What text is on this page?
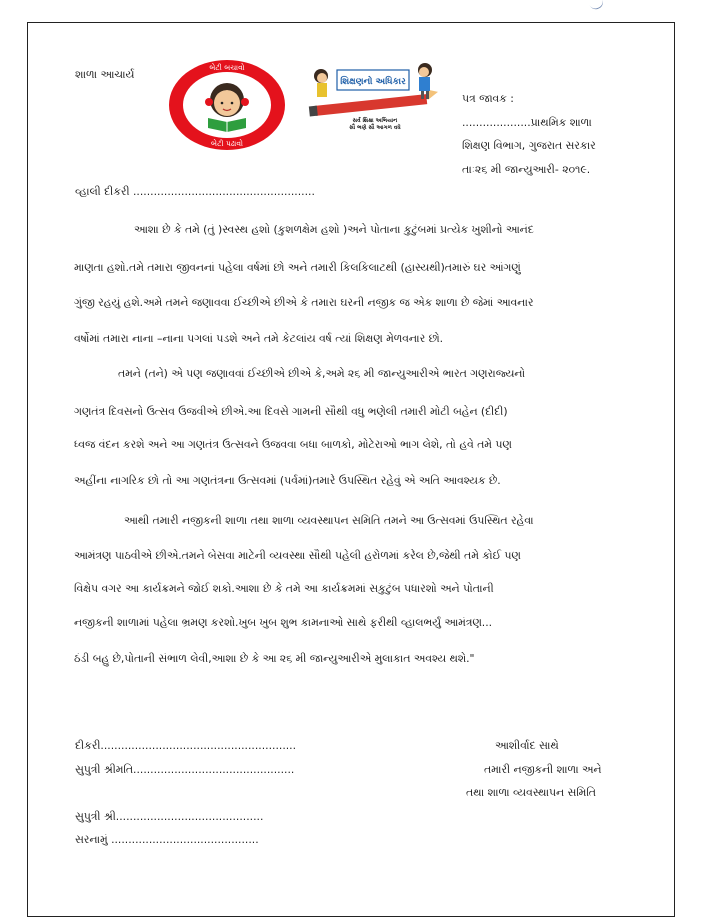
શાળા આચાર્ય
બેટી બચાવો
બેટી પઢાવો
શિક્ષણનો અધિકાર
સર્વ શિક્ષા અભિયાન
સૌ ભણે સૌ આગળ વધે
પત્ર જાવક :
....................પ્રાથમિક શાળા
શિક્ષણ વિભાગ, ગુજરાત સરકાર
તાઃ૨૬ મી જાન્યુઆરી- ૨૦૧૯.
વ્હાલી દીકરી .....................................................
આશા છે કે તમે (તું )સ્વસ્થ હશો (કુશળક્ષેમ હશો )અને પોતાના કુટુંબમાં પ્રત્યેક ખુશીનો આનંદ
માણતા હશો.તમે તમારા જીવનનાં પહેલા વર્ષમાં છો અને તમારી કિલકિલાટથી (હાસ્યથી)તમારું ઘર આંગણું
ગુંજી રહયું હશે.અમે તમને જણાવવા ઈચ્છીએ છીએ કે તમારા ઘરની નજીક જ એક શાળા છે જેમાં આવનાર
વર્ષોમાં તમારા નાના –નાના પગલાં પડશે અને તમે કેટલાંય વર્ષ ત્યાં શિક્ષણ મેળવનાર છો.
તમને (તને) એ પણ જણાવવાં ઈચ્છીએ છીએ કે,અમે ૨૬ મી જાન્યુઆરીએ ભારત ગણરાજ્યનો
ગણતંત્ર દિવસનો ઉત્સવ ઉજવીએ છીએ.આ દિવસે ગામની સૌથી વધુ ભણેલી તમારી મોટી બહેન (દીદી)
ધ્વજ વંદન કરશે અને આ ગણતંત્ર ઉત્સવને ઉજવવા બધા બાળકો, મોટેરાઓ ભાગ લેશે, તો હવે તમે પણ
અહીંના નાગરિક છો તો આ ગણતંત્રના ઉત્સવમાં (પર્વમાં)તમારે ઉપસ્થિત રહેવું એ અતિ આવશ્યક છે.
આથી તમારી નજીકની શાળા તથા શાળા વ્યવસ્થાપન સમિતિ તમને આ ઉત્સવમાં ઉપસ્થિત રહેવા
આમંત્રણ પાઠવીએ છીએ.તમને બેસવા માટેની વ્યવસ્થા સૌથી પહેલી હરોળમાં કરેલ છે,જેથી તમે કોઈ પણ
વિક્ષેપ વગર આ કાર્યક્રમને જોઈ શકો.આશા છે કે તમે આ કાર્યક્રમમાં સકુટુંબ પધારશો અને પોતાની
નજીકની શાળામાં પહેલા ભ્રમણ કરશો.ખુબ ખુબ શુભ કામનાઓ સાથે ફરીથી વ્હાલભર્યું આમંત્રણ...
ઠંડી બહુ છે,પોતાની સંભાળ લેવી,આશા છે કે આ ૨૬ મી જાન્યુઆરીએ મુલાકાત અવશ્ય થશે."
દીકરી.........................................................
સુપુત્રી શ્રીમતિ...............................................
સુપુત્રી શ્રી...........................................
સરનામું ...........................................
આશીર્વાદ સાથે
તમારી નજીકની શાળા અને
તથા શાળા વ્યવસ્થાપન સમિતિ
